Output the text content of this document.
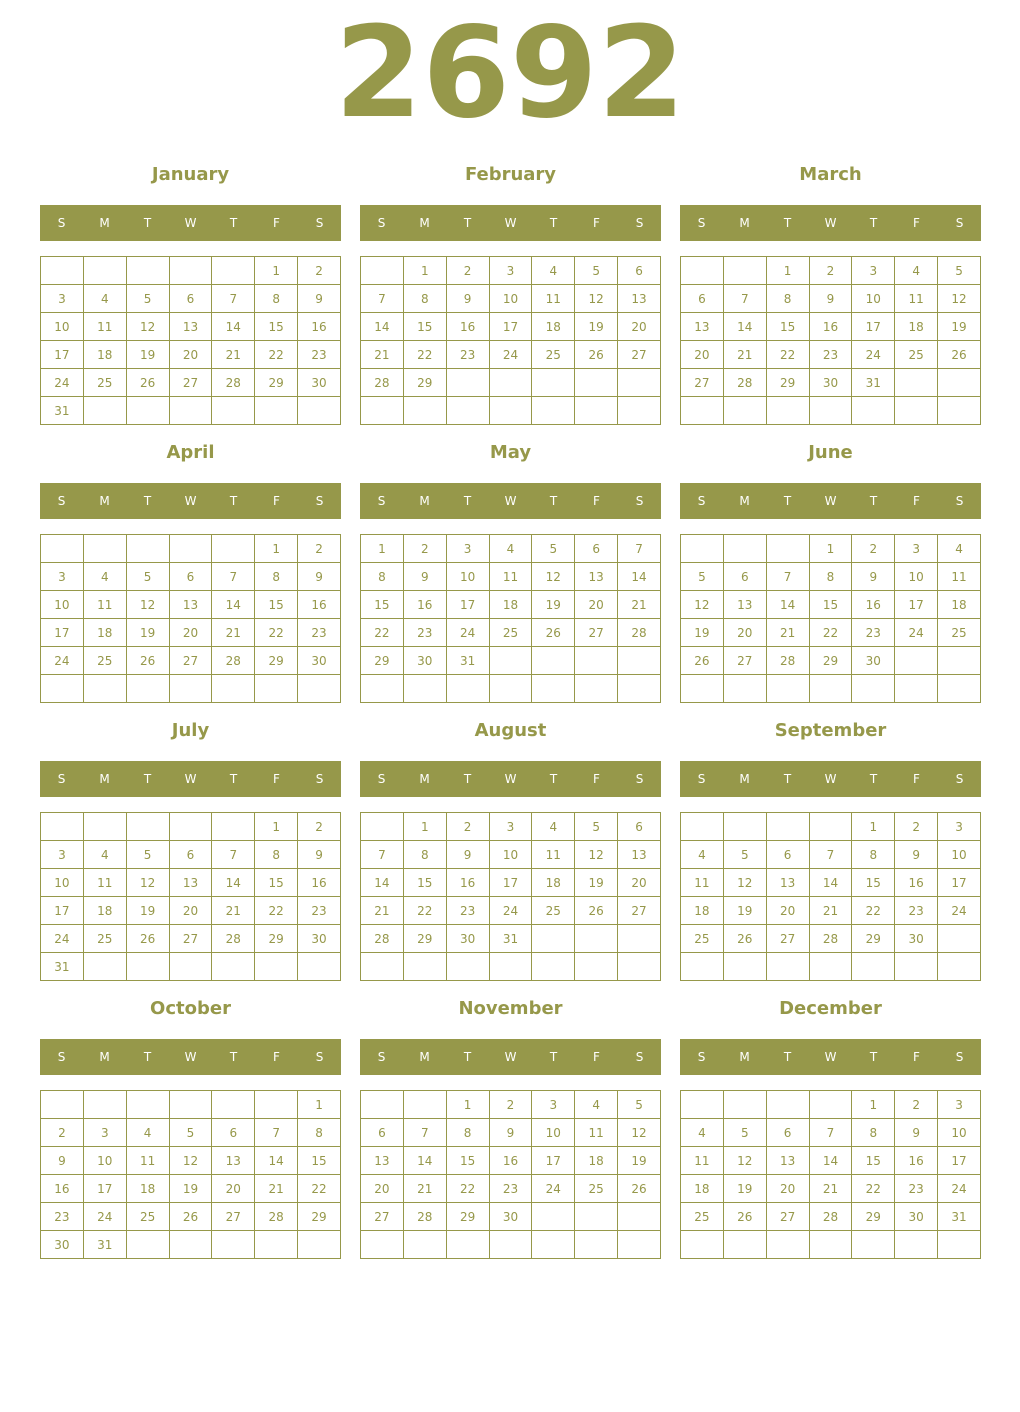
2692
January
S	M	T	W	T	F	S
					1	2
3	4	5	6	7	8	9
10	11	12	13	14	15	16
17	18	19	20	21	22	23
24	25	26	27	28	29	30
31						
February
S	M	T	W	T	F	S
	1	2	3	4	5	6
7	8	9	10	11	12	13
14	15	16	17	18	19	20
21	22	23	24	25	26	27
28	29					

March
S	M	T	W	T	F	S
		1	2	3	4	5
6	7	8	9	10	11	12
13	14	15	16	17	18	19
20	21	22	23	24	25	26
27	28	29	30	31		

April
S	M	T	W	T	F	S
					1	2
3	4	5	6	7	8	9
10	11	12	13	14	15	16
17	18	19	20	21	22	23
24	25	26	27	28	29	30

May
S	M	T	W	T	F	S
1	2	3	4	5	6	7
8	9	10	11	12	13	14
15	16	17	18	19	20	21
22	23	24	25	26	27	28
29	30	31				

June
S	M	T	W	T	F	S
			1	2	3	4
5	6	7	8	9	10	11
12	13	14	15	16	17	18
19	20	21	22	23	24	25
26	27	28	29	30		

July
S	M	T	W	T	F	S
					1	2
3	4	5	6	7	8	9
10	11	12	13	14	15	16
17	18	19	20	21	22	23
24	25	26	27	28	29	30
31						
August
S	M	T	W	T	F	S
	1	2	3	4	5	6
7	8	9	10	11	12	13
14	15	16	17	18	19	20
21	22	23	24	25	26	27
28	29	30	31			

September
S	M	T	W	T	F	S
				1	2	3
4	5	6	7	8	9	10
11	12	13	14	15	16	17
18	19	20	21	22	23	24
25	26	27	28	29	30	

October
S	M	T	W	T	F	S
						1
2	3	4	5	6	7	8
9	10	11	12	13	14	15
16	17	18	19	20	21	22
23	24	25	26	27	28	29
30	31					
November
S	M	T	W	T	F	S
		1	2	3	4	5
6	7	8	9	10	11	12
13	14	15	16	17	18	19
20	21	22	23	24	25	26
27	28	29	30			

December
S	M	T	W	T	F	S
				1	2	3
4	5	6	7	8	9	10
11	12	13	14	15	16	17
18	19	20	21	22	23	24
25	26	27	28	29	30	31
